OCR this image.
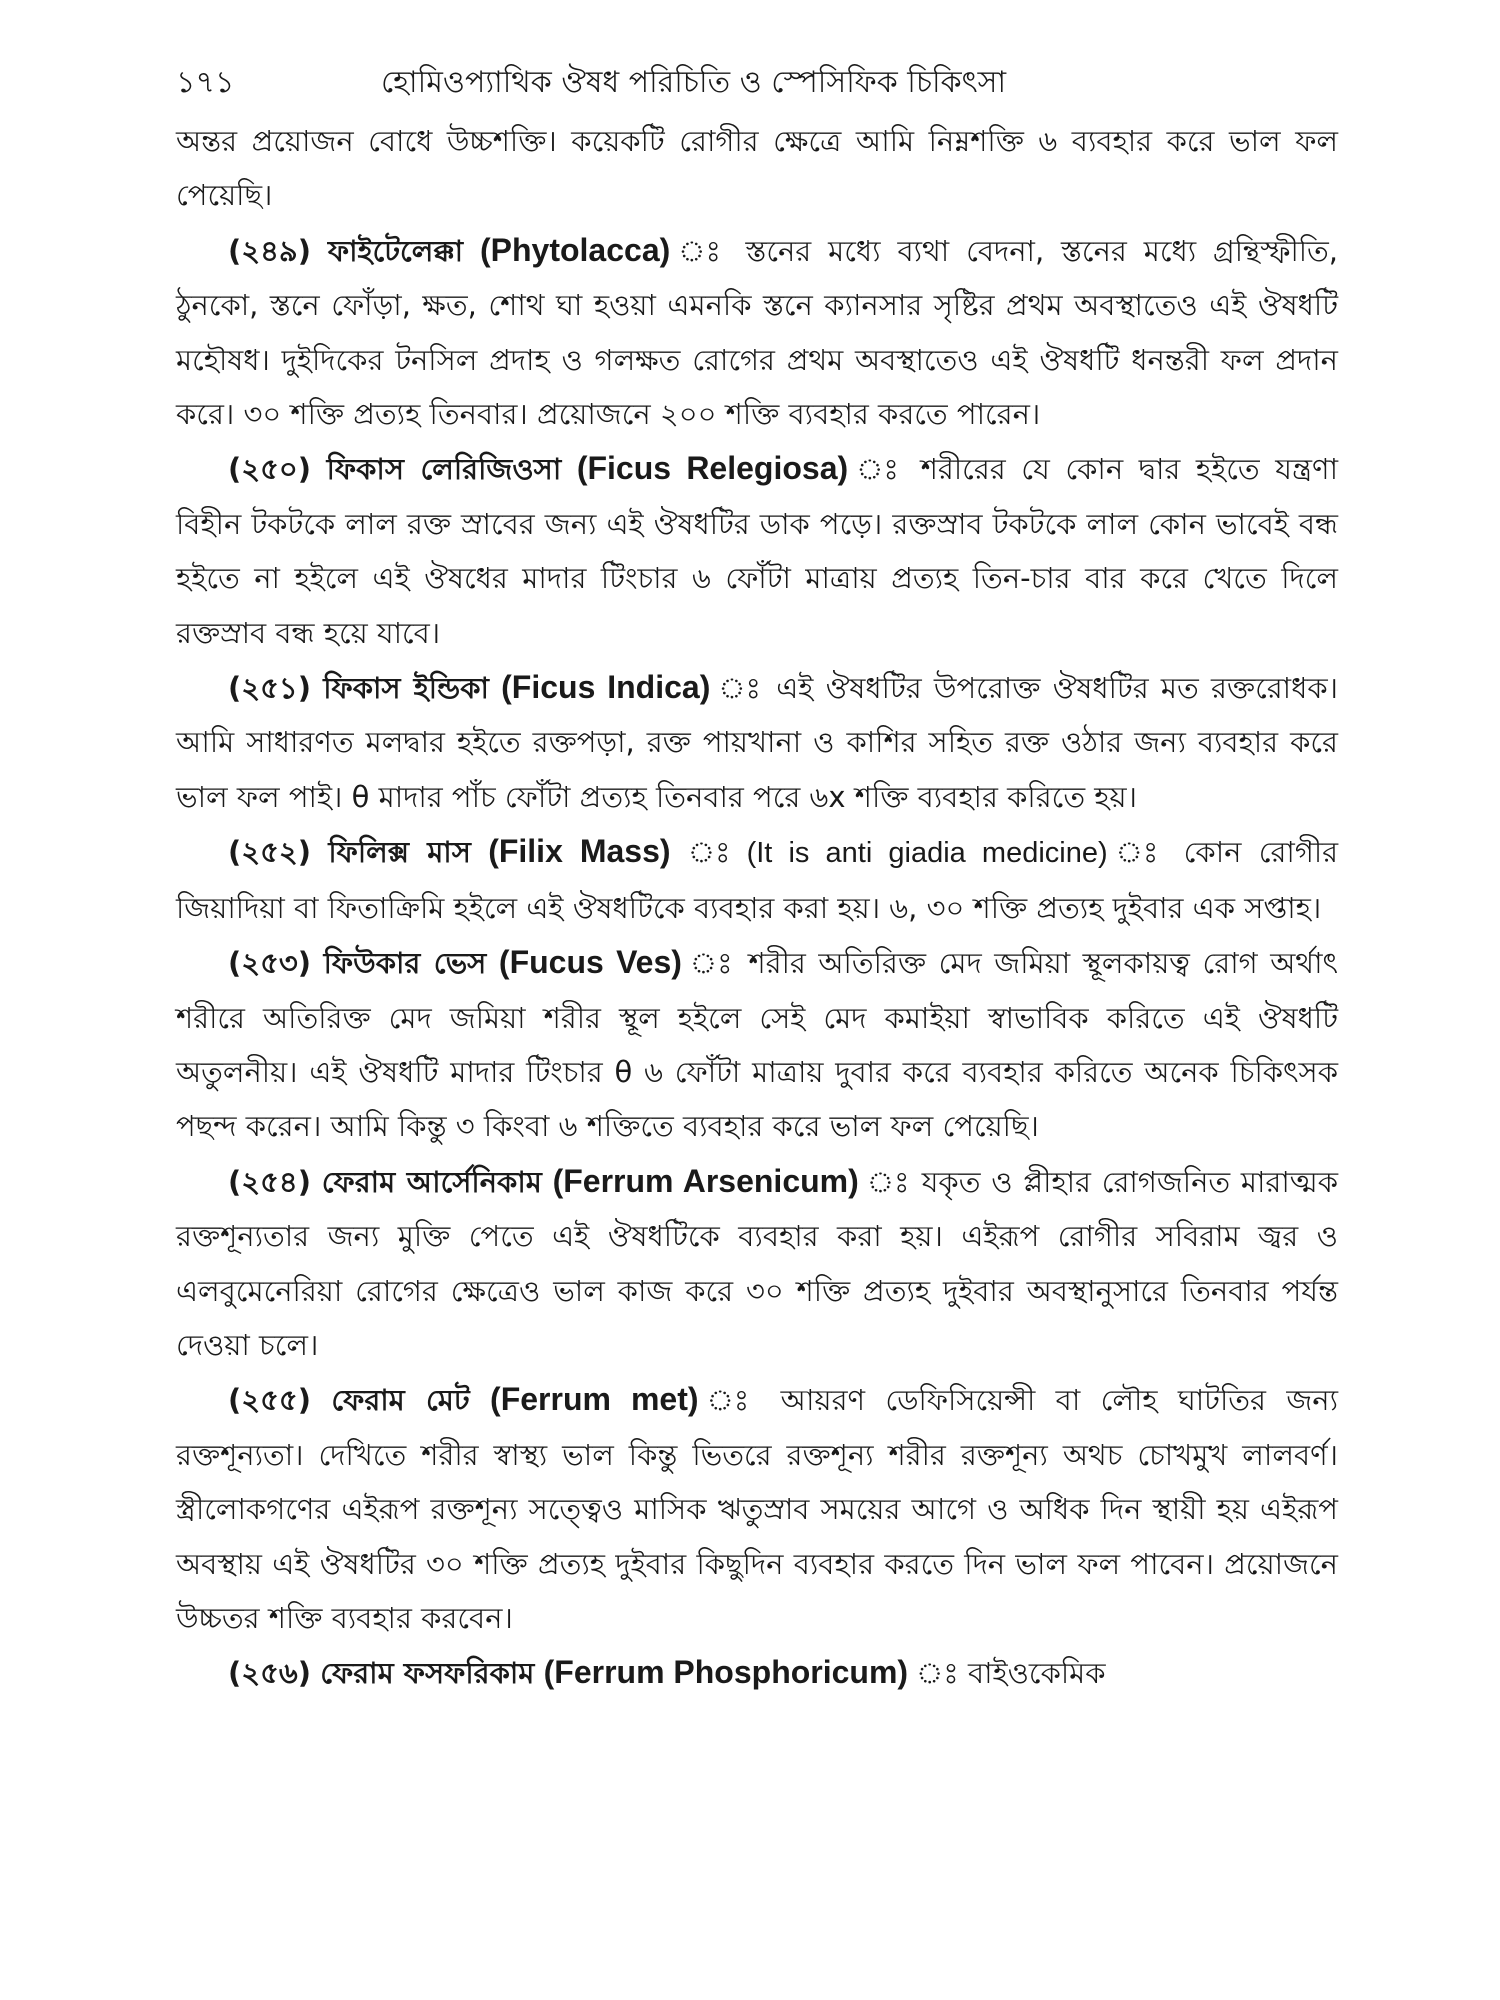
১৭১	হোমিওপ্যাথিক ঔষধ পরিচিতি ও স্পেসিফিক চিকিৎসা

অন্তর প্রয়োজন বোধে উচ্চশক্তি। কয়েকটি রোগীর ক্ষেত্রে আমি নিম্নশক্তি ৬ ব্যবহার করে ভাল ফল পেয়েছি।

(২৪৯) ফাইটেলেক্কা (Phytolacca) ঃ স্তনের মধ্যে ব্যথা বেদনা, স্তনের মধ্যে গ্রন্থিস্ফীতি, ঠুনকো, স্তনে ফোঁড়া, ক্ষত, শোথ ঘা হওয়া এমনকি স্তনে ক্যানসার সৃষ্টির প্রথম অবস্থাতেও এই ঔষধটি মহৌষধ। দুইদিকের টনসিল প্রদাহ ও গলক্ষত রোগের প্রথম অবস্থাতেও এই ঔষধটি ধনন্তরী ফল প্রদান করে। ৩০ শক্তি প্রত্যহ তিনবার। প্রয়োজনে ২০০ শক্তি ব্যবহার করতে পারেন।

(২৫০) ফিকাস লেরিজিওসা (Ficus Relegiosa) ঃ শরীরের যে কোন দ্বার হইতে যন্ত্রণা বিহীন টকটকে লাল রক্ত স্রাবের জন্য এই ঔষধটির ডাক পড়ে। রক্তস্রাব টকটকে লাল কোন ভাবেই বন্ধ হইতে না হইলে এই ঔষধের মাদার টিংচার ৬ ফোঁটা মাত্রায় প্রত্যহ তিন-চার বার করে খেতে দিলে রক্তস্রাব বন্ধ হয়ে যাবে।

(২৫১) ফিকাস ইন্ডিকা (Ficus Indica) ঃ এই ঔষধটির উপরোক্ত ঔষধটির মত রক্তরোধক। আমি সাধারণত মলদ্বার হইতে রক্তপড়া, রক্ত পায়খানা ও কাশির সহিত রক্ত ওঠার জন্য ব্যবহার করে ভাল ফল পাই। θ মাদার পাঁচ ফোঁটা প্রত্যহ তিনবার পরে ৬x শক্তি ব্যবহার করিতে হয়।

(২৫২) ফিলিক্স মাস (Filix Mass) ঃ (It is anti giadia medicine) ঃ কোন রোগীর জিয়াদিয়া বা ফিতাক্রিমি হইলে এই ঔষধটিকে ব্যবহার করা হয়। ৬, ৩০ শক্তি প্রত্যহ দুইবার এক সপ্তাহ।

(২৫৩) ফিউকার ভেস (Fucus Ves) ঃ শরীর অতিরিক্ত মেদ জমিয়া স্থূলকায়ত্ব রোগ অর্থাৎ শরীরে অতিরিক্ত মেদ জমিয়া শরীর স্থূল হইলে সেই মেদ কমাইয়া স্বাভাবিক করিতে এই ঔষধটি অতুলনীয়। এই ঔষধটি মাদার টিংচার θ ৬ ফোঁটা মাত্রায় দুবার করে ব্যবহার করিতে অনেক চিকিৎসক পছন্দ করেন। আমি কিন্তু ৩ কিংবা ৬ শক্তিতে ব্যবহার করে ভাল ফল পেয়েছি।

(২৫৪) ফেরাম আর্সেনিকাম (Ferrum Arsenicum) ঃ যকৃত ও প্লীহার রোগজনিত মারাত্মক রক্তশূন্যতার জন্য মুক্তি পেতে এই ঔষধটিকে ব্যবহার করা হয়। এইরূপ রোগীর সবিরাম জ্বর ও এলবুমেনেরিয়া রোগের ক্ষেত্রেও ভাল কাজ করে ৩০ শক্তি প্রত্যহ দুইবার অবস্থানুসারে তিনবার পর্যন্ত দেওয়া চলে।

(২৫৫) ফেরাম মেট (Ferrum met) ঃ আয়রণ ডেফিসিয়েন্সী বা লৌহ ঘাটতির জন্য রক্তশূন্যতা। দেখিতে শরীর স্বাস্থ্য ভাল কিন্তু ভিতরে রক্তশূন্য শরীর রক্তশূন্য অথচ চোখমুখ লালবর্ণ। স্ত্রীলোকগণের এইরূপ রক্তশূন্য সত্ত্বেও মাসিক ঋতুস্রাব সময়ের আগে ও অধিক দিন স্থায়ী হয় এইরূপ অবস্থায় এই ঔষধটির ৩০ শক্তি প্রত্যহ দুইবার কিছুদিন ব্যবহার করতে দিন ভাল ফল পাবেন। প্রয়োজনে উচ্চতর শক্তি ব্যবহার করবেন।

(২৫৬) ফেরাম ফসফরিকাম (Ferrum Phosphoricum) ঃ বাইওকেমিক
